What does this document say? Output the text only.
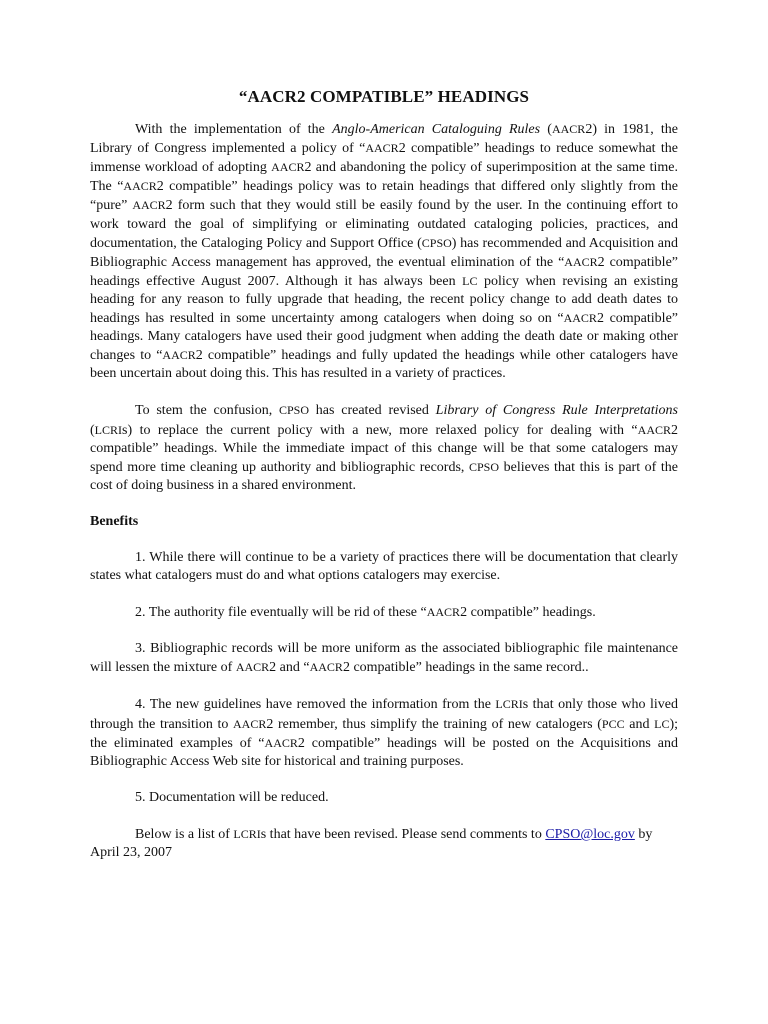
“AACR2 COMPATIBLE” HEADINGS

With the implementation of the Anglo-American Cataloguing Rules (AACR2) in 1981, the Library of Congress implemented a policy of “AACR2 compatible” headings to reduce somewhat the immense workload of adopting AACR2 and abandoning the policy of superimposition at the same time. The “AACR2 compatible” headings policy was to retain headings that differed only slightly from the “pure” AACR2 form such that they would still be easily found by the user. In the continuing effort to work toward the goal of simplifying or eliminating outdated cataloging policies, practices, and documentation, the Cataloging Policy and Support Office (CPSO) has recommended and Acquisition and Bibliographic Access management has approved, the eventual elimination of the “AACR2 compatible” headings effective August 2007. Although it has always been LC policy when revising an existing heading for any reason to fully upgrade that heading, the recent policy change to add death dates to headings has resulted in some uncertainty among catalogers when doing so on “AACR2 compatible” headings. Many catalogers have used their good judgment when adding the death date or making other changes to “AACR2 compatible” headings and fully updated the headings while other catalogers have been uncertain about doing this. This has resulted in a variety of practices.

To stem the confusion, CPSO has created revised Library of Congress Rule Interpretations (LCRIs) to replace the current policy with a new, more relaxed policy for dealing with “AACR2 compatible” headings. While the immediate impact of this change will be that some catalogers may spend more time cleaning up authority and bibliographic records, CPSO believes that this is part of the cost of doing business in a shared environment.

Benefits

1. While there will continue to be a variety of practices there will be documentation that clearly states what catalogers must do and what options catalogers may exercise.

2. The authority file eventually will be rid of these “AACR2 compatible” headings.

3. Bibliographic records will be more uniform as the associated bibliographic file maintenance will lessen the mixture of AACR2 and “AACR2 compatible” headings in the same record..

4. The new guidelines have removed the information from the LCRIs that only those who lived through the transition to AACR2 remember, thus simplify the training of new catalogers (PCC and LC); the eliminated examples of “AACR2 compatible” headings will be posted on the Acquisitions and Bibliographic Access Web site for historical and training purposes.

5. Documentation will be reduced.

Below is a list of LCRIs that have been revised. Please send comments to CPSO@loc.gov by April 23, 2007
